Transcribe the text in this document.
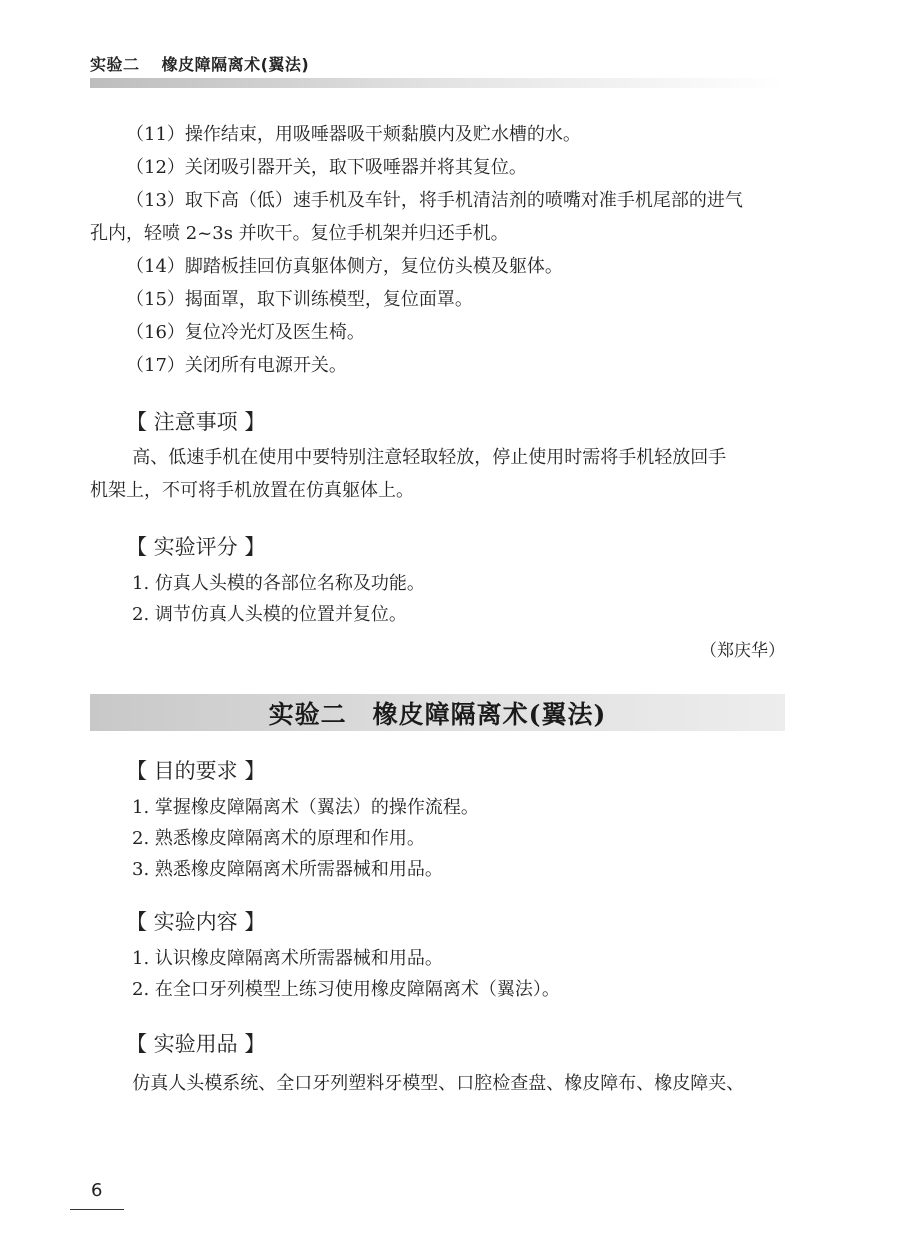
实验二 橡皮障隔离术(翼法)

（11）操作结束，用吸唾器吸干颊黏膜内及贮水槽的水。

（12）关闭吸引器开关，取下吸唾器并将其复位。

（13）取下高（低）速手机及车针，将手机清洁剂的喷嘴对准手机尾部的进气

孔内，轻喷 2~3s 并吹干。复位手机架并归还手机。

（14）脚踏板挂回仿真躯体侧方，复位仿头模及躯体。

（15）揭面罩，取下训练模型，复位面罩。

（16）复位冷光灯及医生椅。

（17）关闭所有电源开关。

【 注意事项 】

高、低速手机在使用中要特别注意轻取轻放，停止使用时需将手机轻放回手

机架上，不可将手机放置在仿真躯体上。

【 实验评分 】

1. 仿真人头模的各部位名称及功能。

2. 调节仿真人头模的位置并复位。

（郑庆华）

实验二　橡皮障隔离术(翼法)
【 目的要求 】

1. 掌握橡皮障隔离术（翼法）的操作流程。

2. 熟悉橡皮障隔离术的原理和作用。

3. 熟悉橡皮障隔离术所需器械和用品。

【 实验内容 】

1. 认识橡皮障隔离术所需器械和用品。

2. 在全口牙列模型上练习使用橡皮障隔离术（翼法）。

【 实验用品 】

仿真人头模系统、全口牙列塑料牙模型、口腔检查盘、橡皮障布、橡皮障夹、

6
